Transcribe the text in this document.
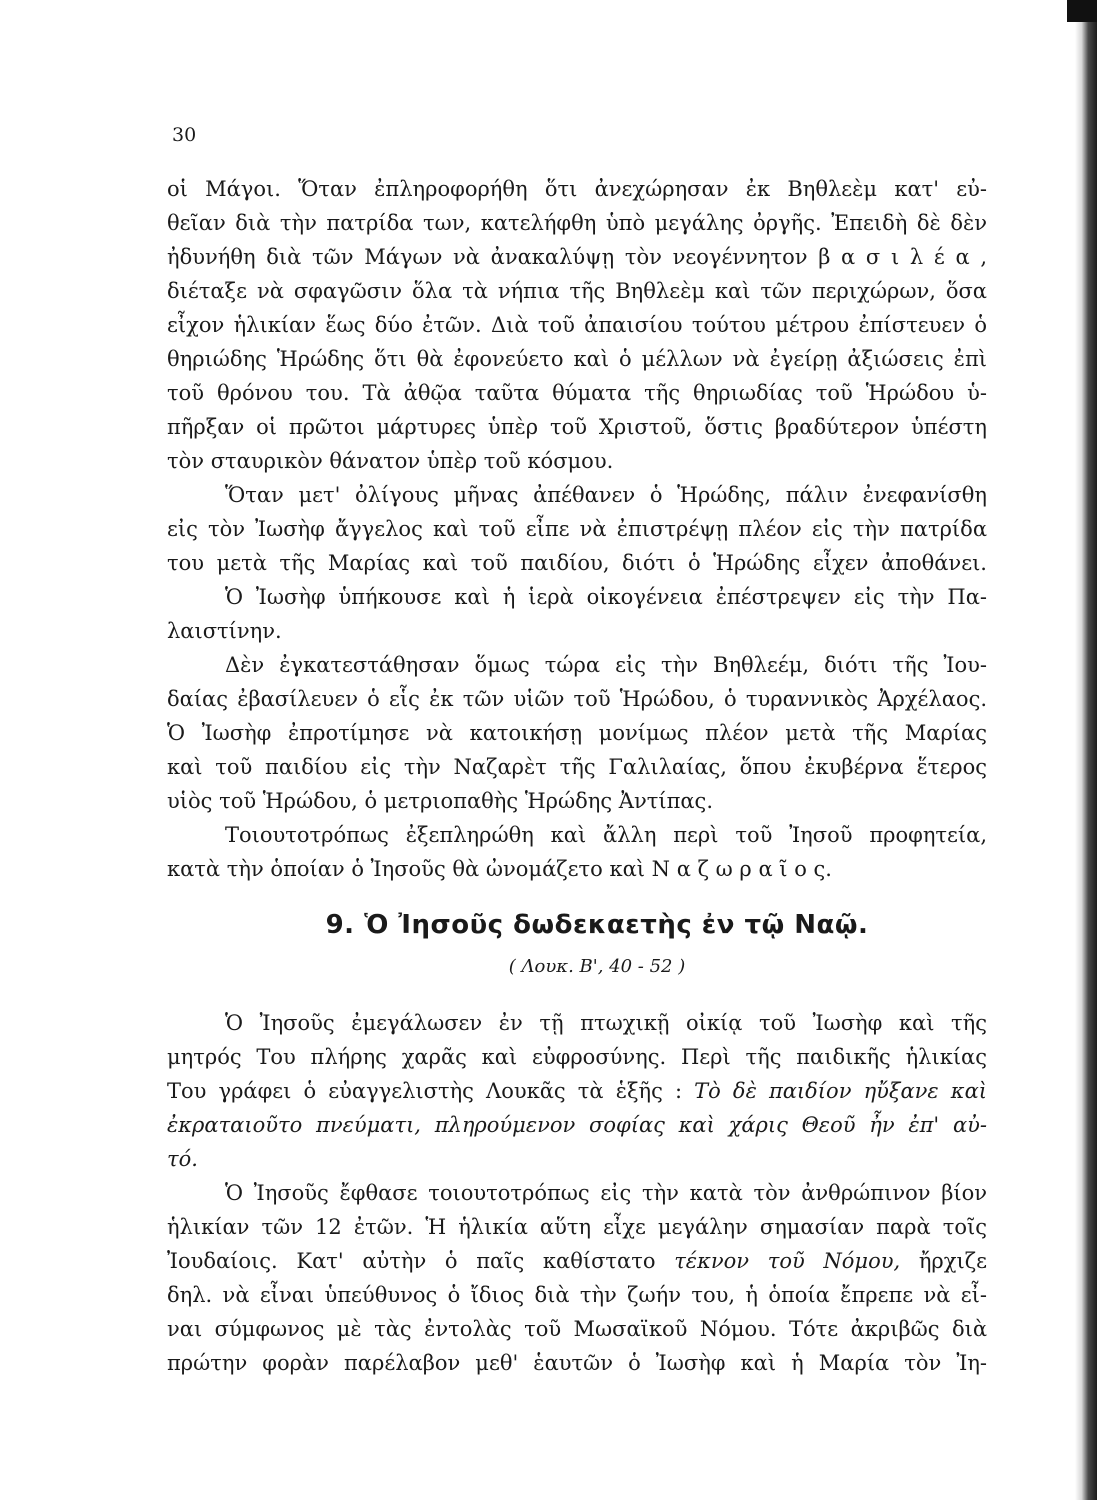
30
οἱ Μάγοι. Ὅταν ἐπληροφορήθη ὅτι ἀνεχώρησαν ἐκ Βηθλεὲμ κατ' εὐ-
θεῖαν διὰ τὴν πατρίδα των, κατελήφθη ὑπὸ μεγάλης ὀργῆς. Ἐπειδὴ δὲ δὲν
ἠδυνήθη διὰ τῶν Μάγων νὰ ἀνακαλύψῃ τὸν νεογέννητον β α σ ι λ έ α ,
διέταξε νὰ σφαγῶσιν ὅλα τὰ νήπια τῆς Βηθλεὲμ καὶ τῶν περιχώρων, ὅσα
εἶχον ἡλικίαν ἕως δύο ἐτῶν. Διὰ τοῦ ἀπαισίου τούτου μέτρου ἐπίστευεν ὁ
θηριώδης Ἡρώδης ὅτι θὰ ἐφονεύετο καὶ ὁ μέλλων νὰ ἐγείρῃ ἀξιώσεις ἐπὶ
τοῦ θρόνου του. Τὰ ἀθῷα ταῦτα θύματα τῆς θηριωδίας τοῦ Ἡρώδου ὑ-
πῆρξαν οἱ πρῶτοι μάρτυρες ὑπὲρ τοῦ Χριστοῦ, ὅστις βραδύτερον ὑπέστη
τὸν σταυρικὸν θάνατον ὑπὲρ τοῦ κόσμου.
Ὅταν μετ' ὀλίγους μῆνας ἀπέθανεν ὁ Ἡρώδης, πάλιν ἐνεφανίσθη
εἰς τὸν Ἰωσὴφ ἄγγελος καὶ τοῦ εἶπε νὰ ἐπιστρέψῃ πλέον εἰς τὴν πατρίδα
του μετὰ τῆς Μαρίας καὶ τοῦ παιδίου, διότι ὁ Ἡρώδης εἶχεν ἀποθάνει.
Ὁ Ἰωσὴφ ὑπήκουσε καὶ ἡ ἱερὰ οἰκογένεια ἐπέστρεψεν εἰς τὴν Πα-
λαιστίνην.
Δὲν ἐγκατεστάθησαν ὅμως τώρα εἰς τὴν Βηθλεέμ, διότι τῆς Ἰου-
δαίας ἐβασίλευεν ὁ εἷς ἐκ τῶν υἱῶν τοῦ Ἡρώδου, ὁ τυραννικὸς Ἀρχέλαος.
Ὁ Ἰωσὴφ ἐπροτίμησε νὰ κατοικήσῃ μονίμως πλέον μετὰ τῆς Μαρίας
καὶ τοῦ παιδίου εἰς τὴν Ναζαρὲτ τῆς Γαλιλαίας, ὅπου ἐκυβέρνα ἕτερος
υἱὸς τοῦ Ἡρώδου, ὁ μετριοπαθὴς Ἡρώδης Ἀντίπας.
Τοιουτοτρόπως ἐξεπληρώθη καὶ ἄλλη περὶ τοῦ Ἰησοῦ προφητεία,
κατὰ τὴν ὁποίαν ὁ Ἰησοῦς θὰ ὠνομάζετο καὶ Ν α ζ ω ρ α ῖ ο ς.
9. Ὁ Ἰησοῦς δωδεκαετὴς ἐν τῷ Ναῷ.
( Λουκ. Β', 40 - 52 )
Ὁ Ἰησοῦς ἐμεγάλωσεν ἐν τῇ πτωχικῇ οἰκίᾳ τοῦ Ἰωσὴφ καὶ τῆς
μητρός Του πλήρης χαρᾶς καὶ εὐφροσύνης. Περὶ τῆς παιδικῆς ἡλικίας
Του γράφει ὁ εὐαγγελιστὴς Λουκᾶς τὰ ἑξῆς : Τὸ δὲ παιδίον ηὔξανε καὶ
ἐκραταιοῦτο πνεύματι, πληρούμενον σοφίας καὶ χάρις Θεοῦ ἦν ἐπ' αὐ-
τό.
Ὁ Ἰησοῦς ἔφθασε τοιουτοτρόπως εἰς τὴν κατὰ τὸν ἀνθρώπινον βίον
ἡλικίαν τῶν 12 ἐτῶν. Ἡ ἡλικία αὕτη εἶχε μεγάλην σημασίαν παρὰ τοῖς
Ἰουδαίοις. Κατ' αὐτὴν ὁ παῖς καθίστατο τέκνον τοῦ Νόμου, ἤρχιζε
δηλ. νὰ εἶναι ὑπεύθυνος ὁ ἴδιος διὰ τὴν ζωήν του, ἡ ὁποία ἔπρεπε νὰ εἶ-
ναι σύμφωνος μὲ τὰς ἐντολὰς τοῦ Μωσαϊκοῦ Νόμου. Τότε ἀκριβῶς διὰ
πρώτην φορὰν παρέλαβον μεθ' ἑαυτῶν ὁ Ἰωσὴφ καὶ ἡ Μαρία τὸν Ἰη-
